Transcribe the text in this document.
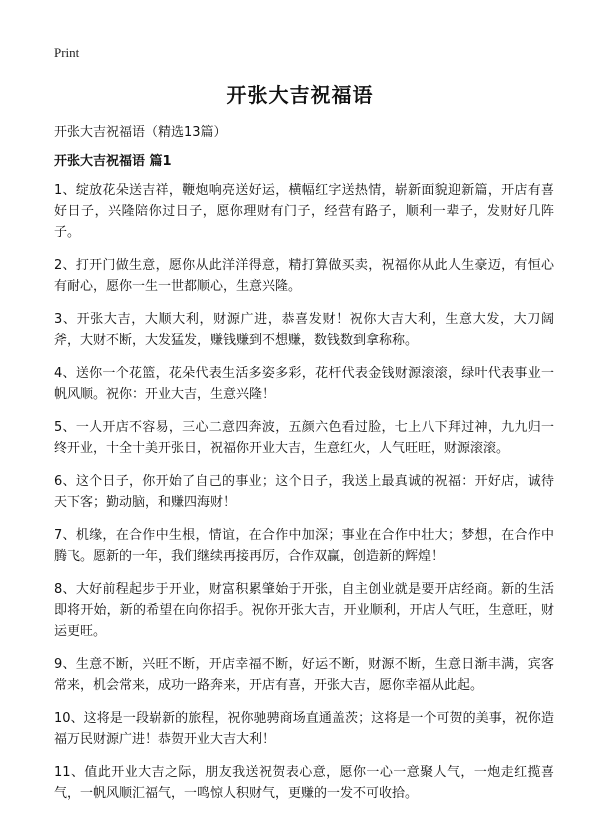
Print
开张大吉祝福语

开张大吉祝福语（精选13篇）

开张大吉祝福语 篇1
1、绽放花朵送吉祥，鞭炮响亮送好运，横幅红字送热情，崭新面貌迎新篇，开店有喜好日子，兴隆陪你过日子，愿你理财有门子，经营有路子，顺利一辈子，发财好几阵子。
2、打开门做生意，愿你从此洋洋得意，精打算做买卖，祝福你从此人生豪迈，有恒心有耐心，愿你一生一世都顺心，生意兴隆。
3、开张大吉，大顺大利，财源广进，恭喜发财！祝你大吉大利，生意大发，大刀阔斧，大财不断，大发猛发，赚钱赚到不想赚，数钱数到拿称称。
4、送你一个花篮，花朵代表生活多姿多彩，花杆代表金钱财源滚滚，绿叶代表事业一帆风顺。祝你：开业大吉，生意兴隆！
5、一人开店不容易，三心二意四奔波，五颜六色看过脸，七上八下拜过神，九九归一终开业，十全十美开张日，祝福你开业大吉，生意红火，人气旺旺，财源滚滚。
6、这个日子，你开始了自己的事业；这个日子，我送上最真诚的祝福：开好店，诚待天下客；勤动脑，和赚四海财！
7、机缘，在合作中生根，情谊，在合作中加深；事业在合作中壮大；梦想，在合作中腾飞。愿新的一年，我们继续再接再厉，合作双赢，创造新的辉煌！
8、大好前程起步于开业，财富积累肇始于开张，自主创业就是要开店经商。新的生活即将开始，新的希望在向你招手。祝你开张大吉，开业顺利，开店人气旺，生意旺，财运更旺。
9、生意不断，兴旺不断，开店幸福不断，好运不断，财源不断，生意日渐丰满，宾客常来，机会常来，成功一路奔来，开店有喜，开张大吉，愿你幸福从此起。
10、这将是一段崭新的旅程，祝你驰骋商场直通盖茨；这将是一个可贺的美事，祝你造福万民财源广进！恭贺开业大吉大利！
11、值此开业大吉之际，朋友我送祝贺表心意，愿你一心一意聚人气，一炮走红揽喜气，一帆风顺汇福气，一鸣惊人积财气，更赚的一发不可收拾。
